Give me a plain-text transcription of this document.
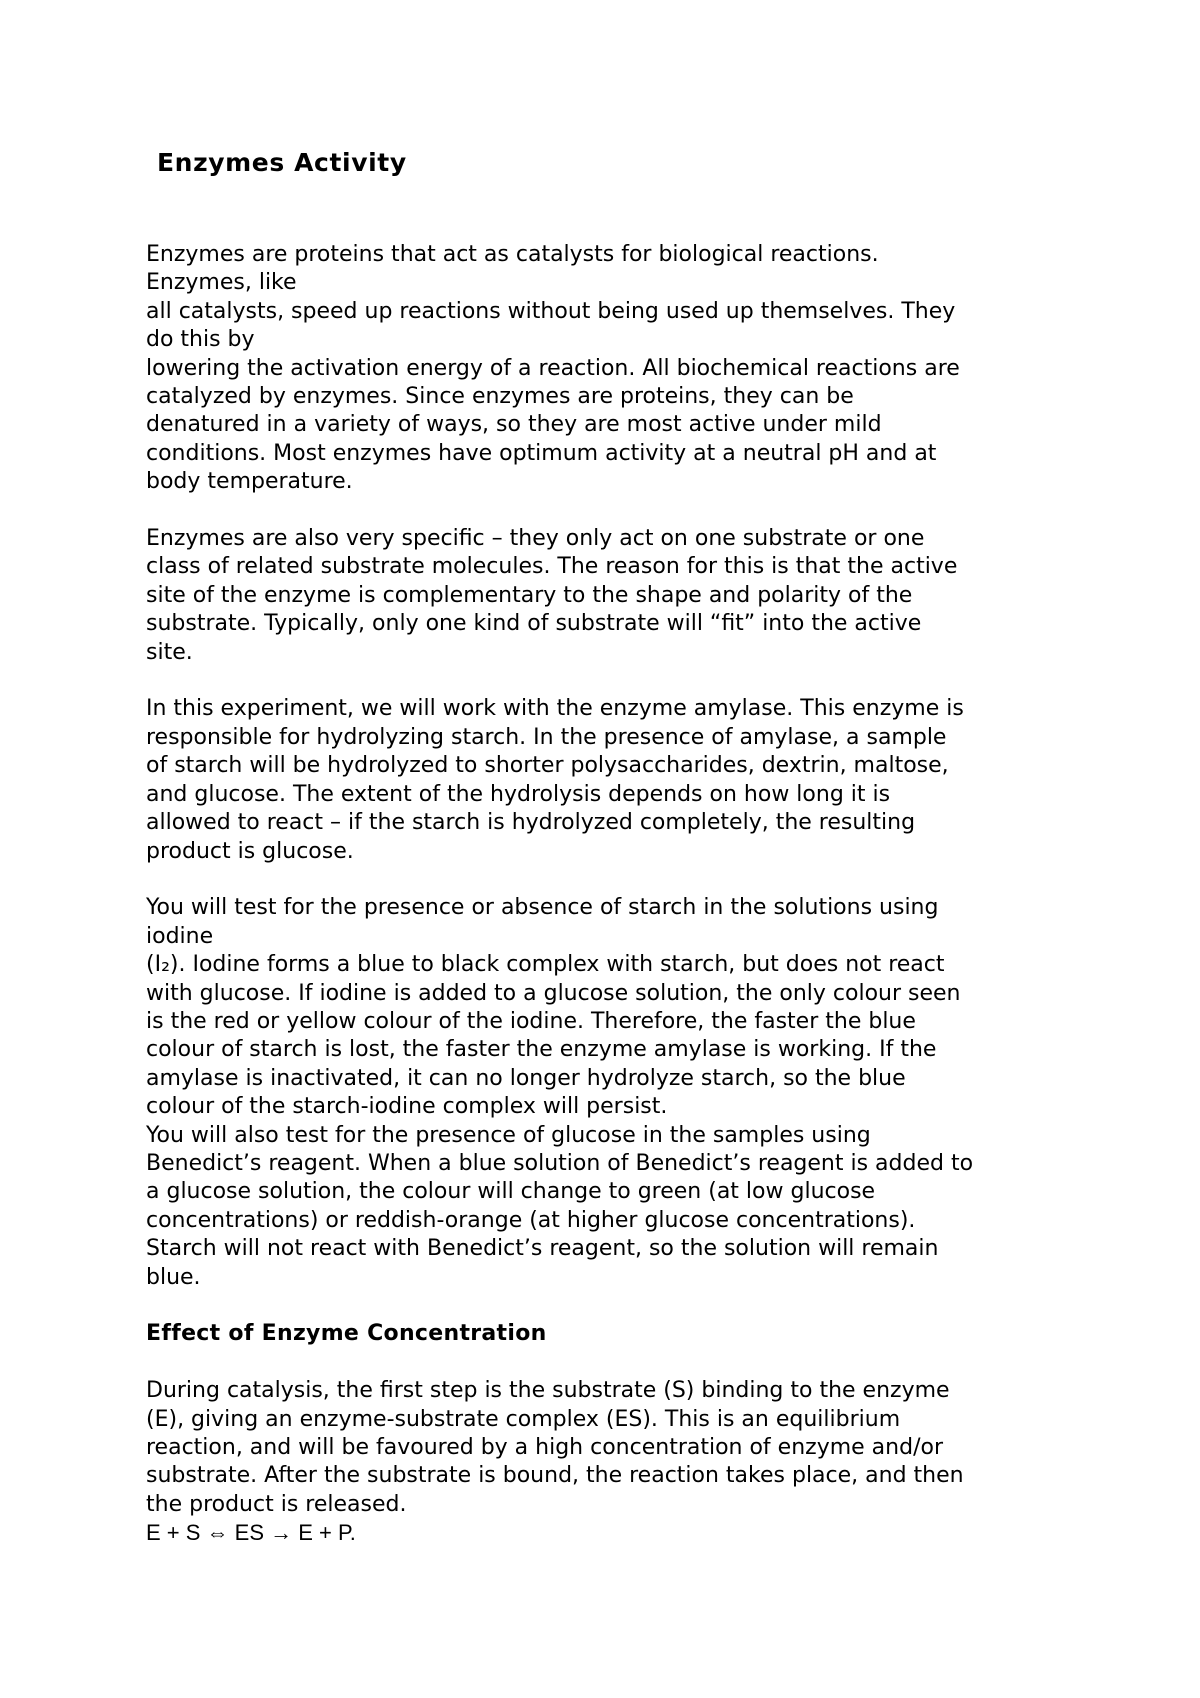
Enzymes Activity

Enzymes are proteins that act as catalysts for biological reactions.
Enzymes, like
all catalysts, speed up reactions without being used up themselves. They
do this by
lowering the activation energy of a reaction. All biochemical reactions are
catalyzed by enzymes. Since enzymes are proteins, they can be
denatured in a variety of ways, so they are most active under mild
conditions. Most enzymes have optimum activity at a neutral pH and at
body temperature.

Enzymes are also very specific – they only act on one substrate or one
class of related substrate molecules. The reason for this is that the active
site of the enzyme is complementary to the shape and polarity of the
substrate. Typically, only one kind of substrate will “fit” into the active
site.

In this experiment, we will work with the enzyme amylase. This enzyme is
responsible for hydrolyzing starch. In the presence of amylase, a sample
of starch will be hydrolyzed to shorter polysaccharides, dextrin, maltose,
and glucose. The extent of the hydrolysis depends on how long it is
allowed to react – if the starch is hydrolyzed completely, the resulting
product is glucose.

You will test for the presence or absence of starch in the solutions using
iodine
(I₂). Iodine forms a blue to black complex with starch, but does not react
with glucose. If iodine is added to a glucose solution, the only colour seen
is the red or yellow colour of the iodine. Therefore, the faster the blue
colour of starch is lost, the faster the enzyme amylase is working. If the
amylase is inactivated, it can no longer hydrolyze starch, so the blue
colour of the starch-iodine complex will persist.

You will also test for the presence of glucose in the samples using
Benedict’s reagent. When a blue solution of Benedict’s reagent is added to
a glucose solution, the colour will change to green (at low glucose
concentrations) or reddish-orange (at higher glucose concentrations).
Starch will not react with Benedict’s reagent, so the solution will remain
blue.

Effect of Enzyme Concentration

During catalysis, the first step is the substrate (S) binding to the enzyme
(E), giving an enzyme-substrate complex (ES). This is an equilibrium
reaction, and will be favoured by a high concentration of enzyme and/or
substrate. After the substrate is bound, the reaction takes place, and then
the product is released.
E + S ⇔ ES → E + P.
